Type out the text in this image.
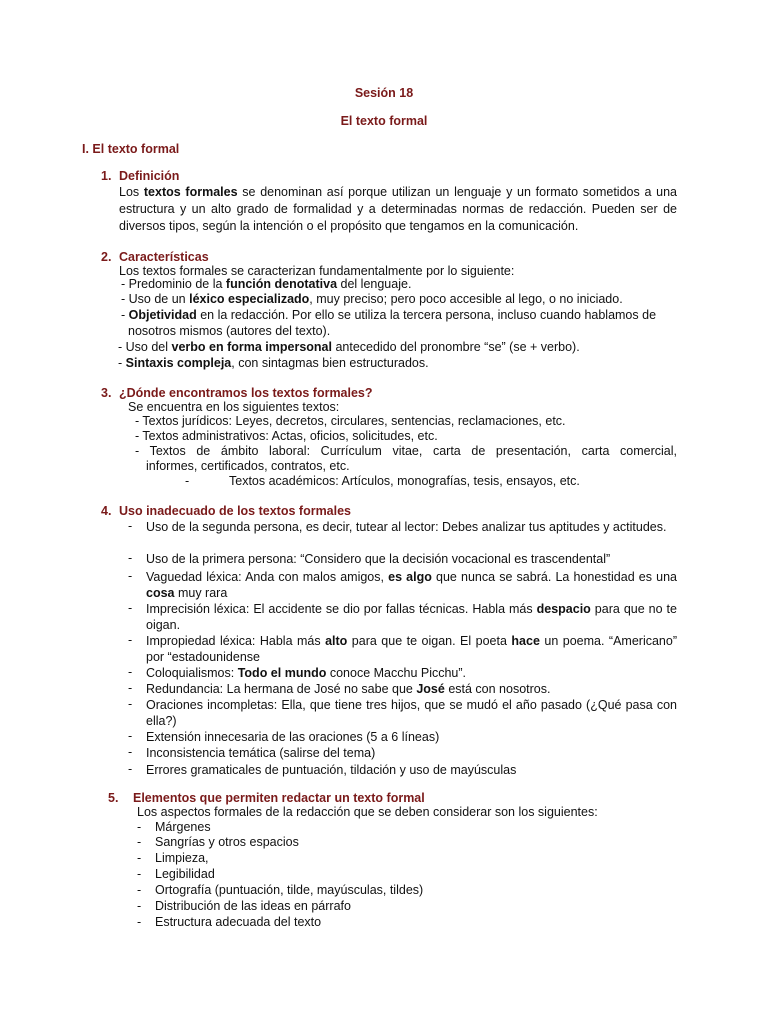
Sesión 18
El texto formal
I. El texto formal
1. Definición
Los textos formales se denominan así porque utilizan un lenguaje y un formato sometidos a una estructura y un alto grado de formalidad y a determinadas normas de redacción. Pueden ser de diversos tipos, según la intención o el propósito que tengamos en la comunicación.
2. Características
Los textos formales se caracterizan fundamentalmente por lo siguiente:
- Predominio de la función denotativa del lenguaje.
- Uso de un léxico especializado, muy preciso; pero poco accesible al lego, o no iniciado.
- Objetividad en la redacción. Por ello se utiliza la tercera persona, incluso cuando hablamos de
nosotros mismos (autores del texto).
- Uso del verbo en forma impersonal antecedido del pronombre “se” (se + verbo).
- Sintaxis compleja, con sintagmas bien estructurados.
3. ¿Dónde encontramos los textos formales?
Se encuentra en los siguientes textos:
- Textos jurídicos: Leyes, decretos, circulares, sentencias, reclamaciones, etc.
- Textos administrativos: Actas, oficios, solicitudes, etc.
- Textos de ámbito laboral: Currículum vitae, carta de presentación, carta comercial,
informes, certificados, contratos, etc.
-	Textos académicos: Artículos, monografías, tesis, ensayos, etc.
4. Uso inadecuado de los textos formales
- Uso de la segunda persona, es decir, tutear al lector: Debes analizar tus aptitudes y actitudes.
- Uso de la primera persona: “Considero que la decisión vocacional es trascendental”
- Vaguedad léxica: Anda con malos amigos, es algo que nunca se sabrá. La honestidad es una cosa muy rara
- Imprecisión léxica: El accidente se dio por fallas técnicas. Habla más despacio para que no te oigan.
- Impropiedad léxica: Habla más alto para que te oigan. El poeta hace un poema. “Americano” por “estadounidense
- Coloquialismos: Todo el mundo conoce Macchu Picchu”.
- Redundancia: La hermana de José no sabe que José está con nosotros.
- Oraciones incompletas: Ella, que tiene tres hijos, que se mudó el año pasado (¿Qué pasa con ella?)
- Extensión innecesaria de las oraciones (5 a 6 líneas)
- Inconsistencia temática (salirse del tema)
- Errores gramaticales de puntuación, tildación y uso de mayúsculas
5. Elementos que permiten redactar un texto formal
Los aspectos formales de la redacción que se deben considerar son los siguientes:
- Márgenes
- Sangrías y otros espacios
- Limpieza,
- Legibilidad
- Ortografía (puntuación, tilde, mayúsculas, tildes)
- Distribución de las ideas en párrafo
- Estructura adecuada del texto
